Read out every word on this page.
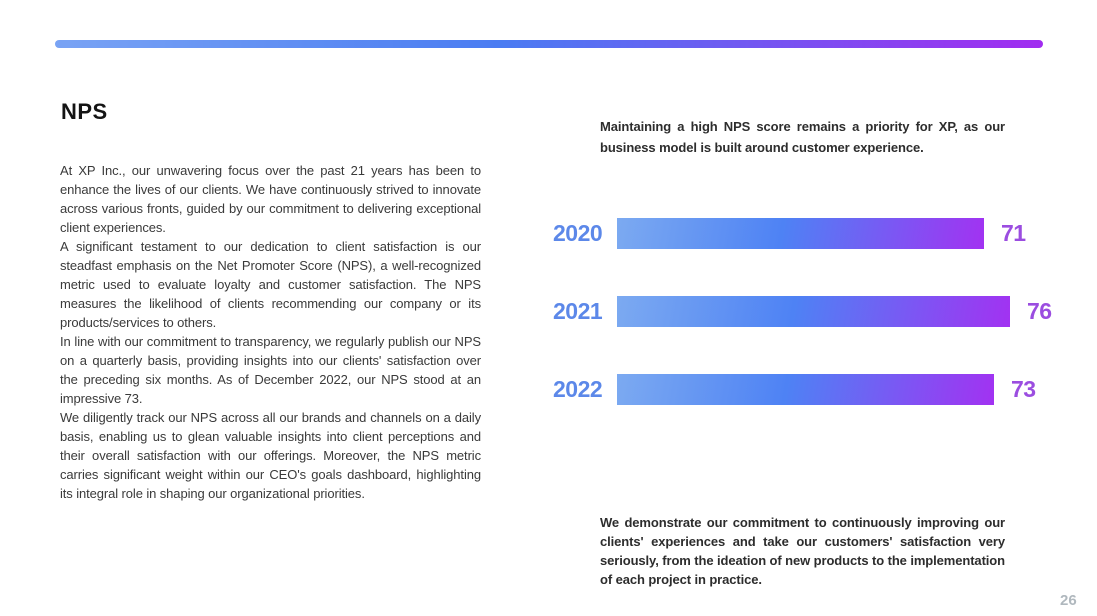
NPS

At XP Inc., our unwavering focus over the past 21 years has been to enhance the lives of our clients. We have continuously strived to innovate across various fronts, guided by our commitment to delivering exceptional client experiences.

A significant testament to our dedication to client satisfaction is our steadfast emphasis on the Net Promoter Score (NPS), a well-recognized metric used to evaluate loyalty and customer satisfaction. The NPS measures the likelihood of clients recommending our company or its products/services to others.

In line with our commitment to transparency, we regularly publish our NPS on a quarterly basis, providing insights into our clients' satisfaction over the preceding six months. As of December 2022, our NPS stood at an impressive 73.

We diligently track our NPS across all our brands and channels on a daily basis, enabling us to glean valuable insights into client perceptions and their overall satisfaction with our offerings. Moreover, the NPS metric carries significant weight within our CEO's goals dashboard, highlighting its integral role in shaping our organizational priorities.

Maintaining a high NPS score remains a priority for XP, as our business model is built around customer experience.
2020	71
2021	76
2022	73
We demonstrate our commitment to continuously improving our clients' experiences and take our customers' satisfaction very seriously, from the ideation of new products to the implementation of each project in practice.
26
